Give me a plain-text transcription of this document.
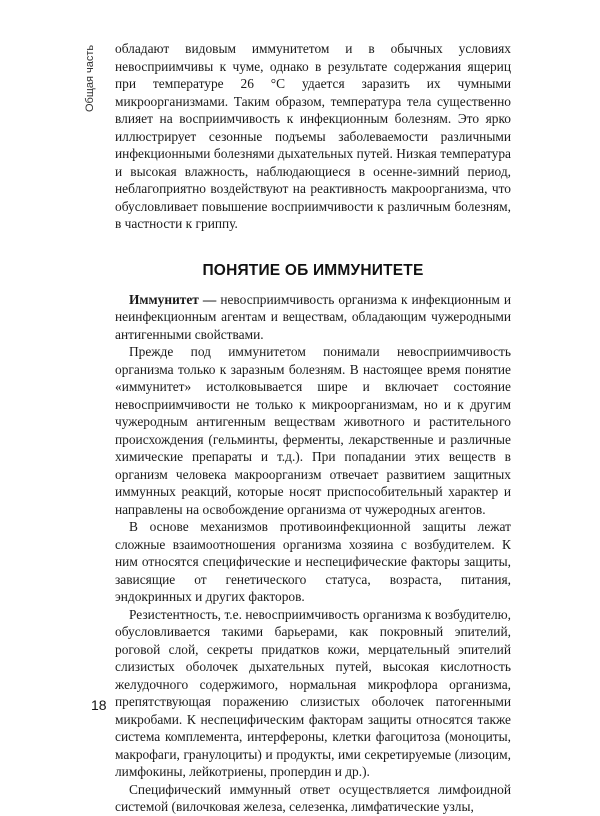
Общая часть обладают видовым иммунитетом и в обычных условиях невосприимчивы к чуме, однако в результате содержания ящериц при температуре 26 °С удается заразить их чумными микроорганизмами. Таким образом, температура тела существенно влияет на восприимчивость к инфекционным болезням. Это ярко иллюстрирует сезонные подъемы заболеваемости различными инфекционными болезнями дыхательных путей. Низкая температура и высокая влажность, наблюдающиеся в осенне-зимний период, неблагоприятно воздействуют на реактивность макроорганизма, что обусловливает повышение восприимчивости к различным болезням, в частности к гриппу.

ПОНЯТИЕ ОБ ИММУНИТЕТЕ

Иммунитет — невосприимчивость организма к инфекционным и неинфекционным агентам и веществам, обладающим чужеродными антигенными свойствами.

Прежде под иммунитетом понимали невосприимчивость организма только к заразным болезням. В настоящее время понятие «иммунитет» истолковывается шире и включает состояние невосприимчивости не только к микроорганизмам, но и к другим чужеродным антигенным веществам животного и растительного происхождения (гельминты, ферменты, лекарственные и различные химические препараты и т.д.). При попадании этих веществ в организм человека макроорганизм отвечает развитием защитных иммунных реакций, которые носят приспособительный характер и направлены на освобождение организма от чужеродных агентов.

В основе механизмов противоинфекционной защиты лежат сложные взаимоотношения организма хозяина с возбудителем. К ним относятся специфические и неспецифические факторы защиты, зависящие от генетического статуса, возраста, питания, эндокринных и других факторов.

Резистентность, т.е. невосприимчивость организма к возбудителю, обусловливается такими барьерами, как покровный эпителий, роговой слой, секреты придатков кожи, мерцательный эпителий слизистых оболочек дыхательных путей, высокая кислотность желудочного содержимого, нормальная микрофлора организма, препятствующая поражению слизистых оболочек патогенными микробами. К неспецифическим факторам защиты относятся также система комплемента, интерфероны, клетки фагоцитоза (моноциты, макрофаги, гранулоциты) и продукты, ими секретируемые (лизоцим, лимфокины, лейкотриены, пропердин и др.).

Специфический иммунный ответ осуществляется лимфоидной системой (вилочковая железа, селезенка, лимфатические узлы,

18
